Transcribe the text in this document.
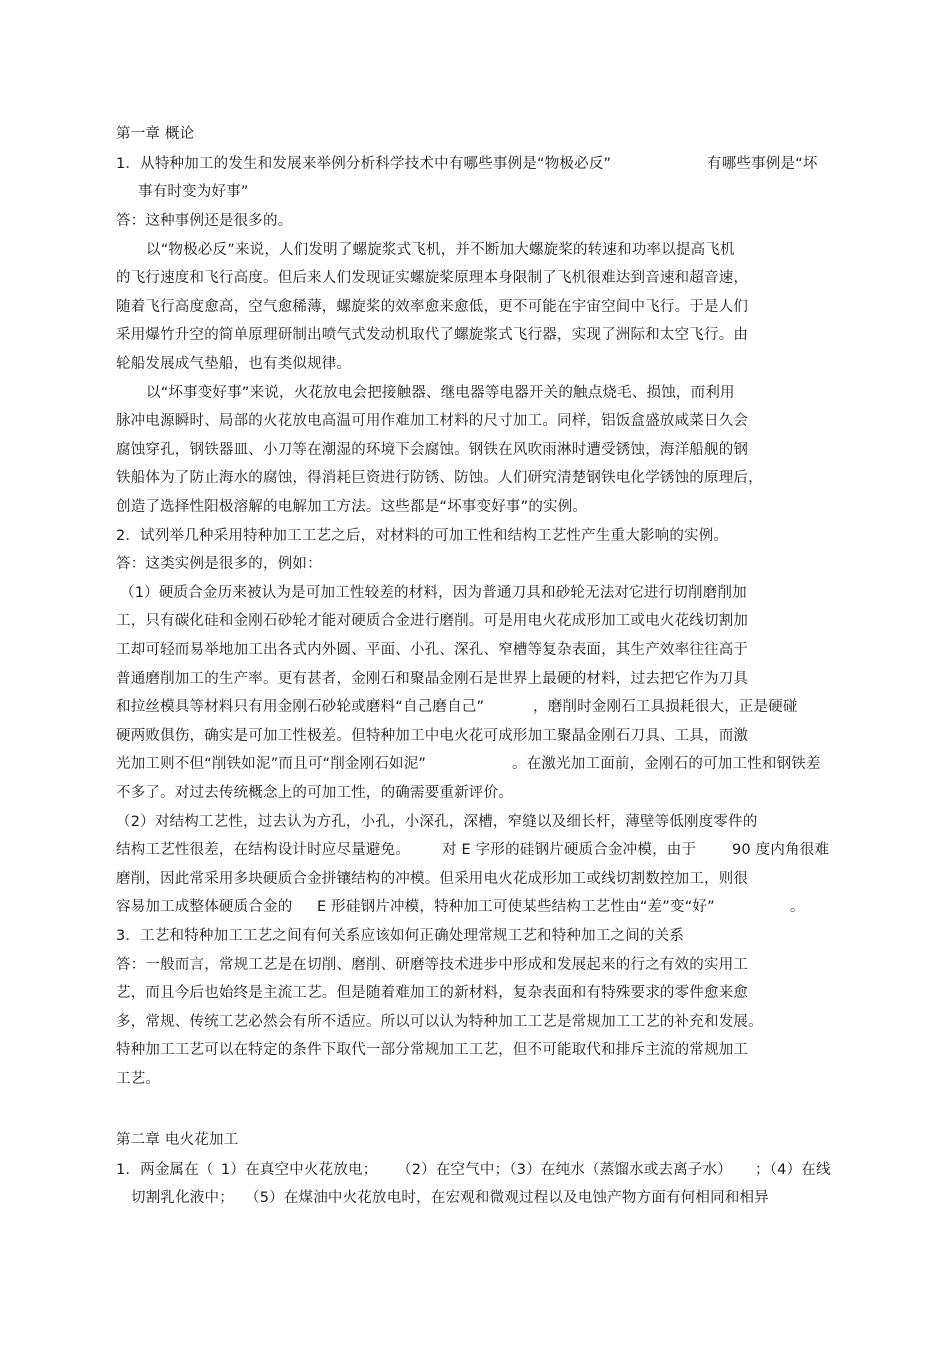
第一章 概论
1．从特种加工的发生和发展来举例分析科学技术中有哪些事例是“物极必反”	有哪些事例是“坏
事有时变为好事”
答：这种事例还是很多的。
以“物极必反”来说，人们发明了螺旋浆式飞机，并不断加大螺旋桨的转速和功率以提高飞机
的飞行速度和飞行高度。但后来人们发现证实螺旋桨原理本身限制了飞机很难达到音速和超音速，
随着飞行高度愈高，空气愈稀薄，螺旋桨的效率愈来愈低，更不可能在宇宙空间中飞行。于是人们
采用爆竹升空的简单原理研制出喷气式发动机取代了螺旋浆式飞行器，实现了洲际和太空飞行。由
轮船发展成气垫船，也有类似规律。
以“坏事变好事”来说，火花放电会把接触器、继电器等电器开关的触点烧毛、损蚀，而利用
脉冲电源瞬时、局部的火花放电高温可用作难加工材料的尺寸加工。同样，铝饭盒盛放咸菜日久会
腐蚀穿孔，钢铁器皿、小刀等在潮湿的环境下会腐蚀。钢铁在风吹雨淋时遭受锈蚀，海洋船舰的钢
铁船体为了防止海水的腐蚀，得消耗巨资进行防锈、防蚀。人们研究清楚钢铁电化学锈蚀的原理后，
创造了选择性阳极溶解的电解加工方法。这些都是“坏事变好事”的实例。
2．试列举几种采用特种加工工艺之后，对材料的可加工性和结构工艺性产生重大影响的实例。
答：这类实例是很多的，例如：
（1）硬质合金历来被认为是可加工性较差的材料，因为普通刀具和砂轮无法对它进行切削磨削加
工，只有碳化硅和金刚石砂轮才能对硬质合金进行磨削。可是用电火花成形加工或电火花线切割加
工却可轻而易举地加工出各式内外圆、平面、小孔、深孔、窄槽等复杂表面，其生产效率往往高于
普通磨削加工的生产率。更有甚者，金刚石和聚晶金刚石是世界上最硬的材料，过去把它作为刀具
和拉丝模具等材料只有用金刚石砂轮或磨料“自己磨自己”	，磨削时金刚石工具损耗很大，正是硬碰
硬两败俱伤，确实是可加工性极差。但特种加工中电火花可成形加工聚晶金刚石刀具、工具，而激
光加工则不但“削铁如泥”而且可“削金刚石如泥”	。在激光加工面前，金刚石的可加工性和钢铁差
不多了。对过去传统概念上的可加工性，的确需要重新评价。
（2）对结构工艺性，过去认为方孔，小孔，小深孔，深槽，窄缝以及细长杆，薄壁等低刚度零件的
结构工艺性很差，在结构设计时应尽量避免。 对 E 字形的硅钢片硬质合金冲模，由于 90 度内角很难
磨削，因此常采用多块硬质合金拼镶结构的冲模。但采用电火花成形加工或线切割数控加工，则很
容易加工成整体硬质合金的 E 形硅钢片冲模，特种加工可使某些结构工艺性由“差”变“好”	。
3．工艺和特种加工工艺之间有何关系应该如何正确处理常规工艺和特种加工之间的关系
答：一般而言，常规工艺是在切削、磨削、研磨等技术进步中形成和发展起来的行之有效的实用工
艺，而且今后也始终是主流工艺。但是随着难加工的新材料，复杂表面和有特殊要求的零件愈来愈
多，常规、传统工艺必然会有所不适应。所以可以认为特种加工工艺是常规加工工艺的补充和发展。
特种加工工艺可以在特定的条件下取代一部分常规加工工艺，但不可能取代和排斥主流的常规加工
工艺。
第二章 电火花加工
1．两金属在（ 1）在真空中火花放电； （2）在空气中；（3）在纯水（蒸馏水或去离子水） ；（4）在线
切割乳化液中； （5）在煤油中火花放电时，在宏观和微观过程以及电蚀产物方面有何相同和相异
